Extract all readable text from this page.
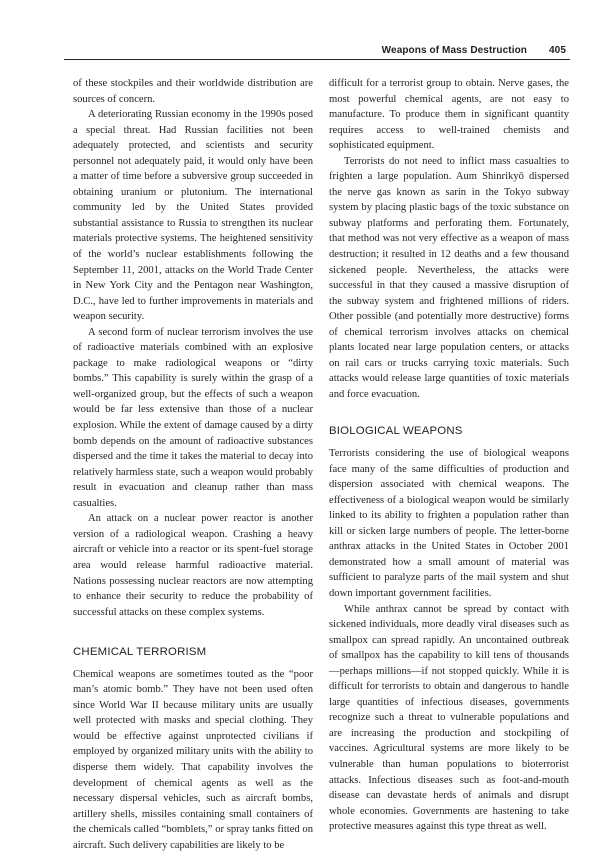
Weapons of Mass Destruction 405

of these stockpiles and their worldwide distribution are sources of concern.

A deteriorating Russian economy in the 1990s posed a special threat. Had Russian facilities not been adequately protected, and scientists and security personnel not adequately paid, it would only have been a matter of time before a subversive group succeeded in obtaining uranium or plutonium. The international community led by the United States provided substantial assistance to Russia to strengthen its nuclear materials protective systems. The heightened sensitivity of the world’s nuclear establishments following the September 11, 2001, attacks on the World Trade Center in New York City and the Pentagon near Washington, D.C., have led to further improvements in materials and weapon security.

A second form of nuclear terrorism involves the use of radioactive materials combined with an explosive package to make radiological weapons or “dirty bombs.” This capability is surely within the grasp of a well-organized group, but the effects of such a weapon would be far less extensive than those of a nuclear explosion. While the extent of damage caused by a dirty bomb depends on the amount of radioactive substances dispersed and the time it takes the material to decay into relatively harmless state, such a weapon would probably result in evacuation and cleanup rather than mass casualties.

An attack on a nuclear power reactor is another version of a radiological weapon. Crashing a heavy aircraft or vehicle into a reactor or its spent-fuel storage area would release harmful radioactive material. Nations possessing nuclear reactors are now attempting to enhance their security to reduce the probability of successful attacks on these complex systems.

CHEMICAL TERRORISM

Chemical weapons are sometimes touted as the “poor man’s atomic bomb.” They have not been used often since World War II because military units are usually well protected with masks and special clothing. They would be effective against unprotected civilians if employed by organized military units with the ability to disperse them widely. That capability involves the development of chemical agents as well as the necessary dispersal vehicles, such as aircraft bombs, artillery shells, missiles containing small containers of the chemicals called “bomblets,” or spray tanks fitted on aircraft. Such delivery capabilities are likely to be

difficult for a terrorist group to obtain. Nerve gases, the most powerful chemical agents, are not easy to manufacture. To produce them in significant quantity requires access to well-trained chemists and sophisticated equipment.

Terrorists do not need to inflict mass casualties to frighten a large population. Aum Shinrikyō dispersed the nerve gas known as sarin in the Tokyo subway system by placing plastic bags of the toxic substance on subway platforms and perforating them. Fortunately, that method was not very effective as a weapon of mass destruction; it resulted in 12 deaths and a few thousand sickened people. Nevertheless, the attacks were successful in that they caused a massive disruption of the subway system and frightened millions of riders. Other possible (and potentially more destructive) forms of chemical terrorism involves attacks on chemical plants located near large population centers, or attacks on rail cars or trucks carrying toxic materials. Such attacks would release large quantities of toxic materials and force evacuation.

BIOLOGICAL WEAPONS

Terrorists considering the use of biological weapons face many of the same difficulties of production and dispersion associated with chemical weapons. The effectiveness of a biological weapon would be similarly linked to its ability to frighten a population rather than kill or sicken large numbers of people. The letter-borne anthrax attacks in the United States in October 2001 demonstrated how a small amount of material was sufficient to paralyze parts of the mail system and shut down important government facilities.

While anthrax cannot be spread by contact with sickened individuals, more deadly viral diseases such as smallpox can spread rapidly. An uncontained outbreak of smallpox has the capability to kill tens of thousands—perhaps millions—if not stopped quickly. While it is difficult for terrorists to obtain and dangerous to handle large quantities of infectious diseases, governments recognize such a threat to vulnerable populations and are increasing the production and stockpiling of vaccines. Agricultural systems are more likely to be vulnerable than human populations to bioterrorist attacks. Infectious diseases such as foot-and-mouth disease can devastate herds of animals and disrupt whole economies. Governments are hastening to take protective measures against this type threat as well.
